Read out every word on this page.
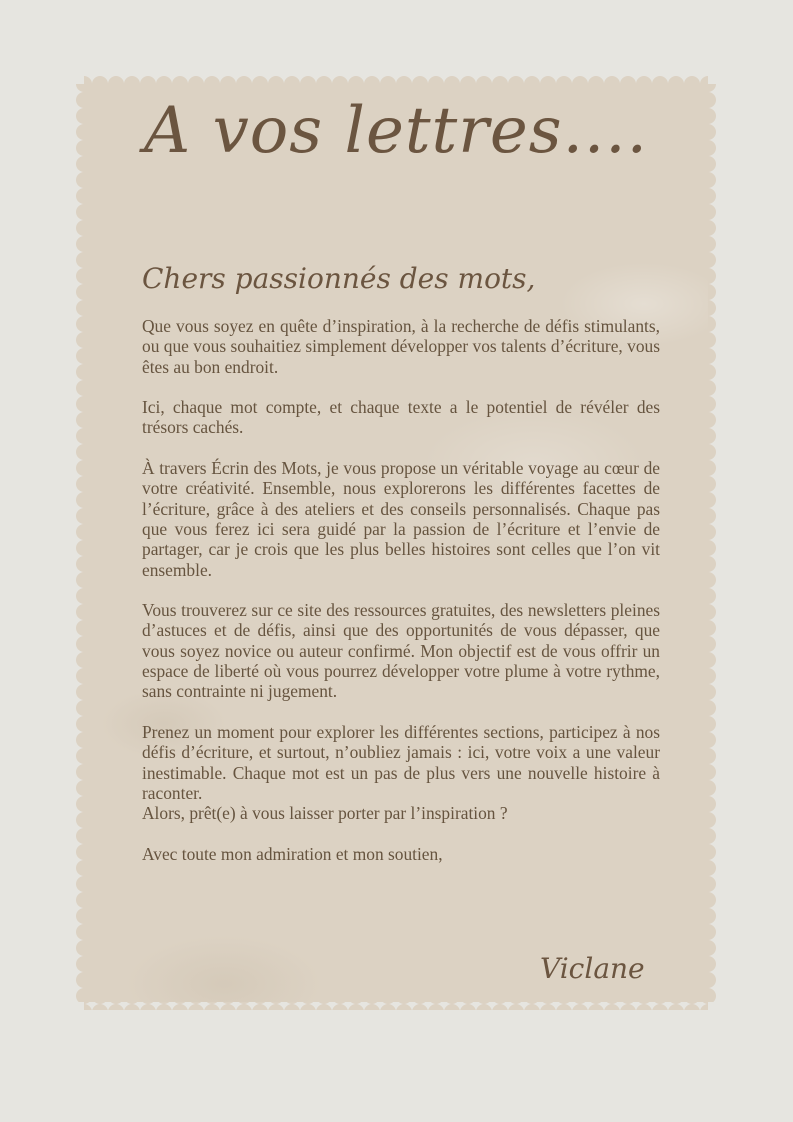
A vos lettres....
Chers passionnés des mots,

Que vous soyez en quête d’inspiration, à la recherche de défis stimulants, ou que vous souhaitiez simplement développer vos talents d’écriture, vous êtes au bon endroit.

Ici, chaque mot compte, et chaque texte a le potentiel de révéler des trésors cachés.

À travers Écrin des Mots, je vous propose un véritable voyage au cœur de votre créativité. Ensemble, nous explorerons les différentes facettes de l’écriture, grâce à des ateliers et des conseils personnalisés. Chaque pas que vous ferez ici sera guidé par la passion de l’écriture et l’envie de partager, car je crois que les plus belles histoires sont celles que l’on vit ensemble.

Vous trouverez sur ce site des ressources gratuites, des newsletters pleines d’astuces et de défis, ainsi que des opportunités de vous dépasser, que vous soyez novice ou auteur confirmé. Mon objectif est de vous offrir un espace de liberté où vous pourrez développer votre plume à votre rythme, sans contrainte ni jugement.

Prenez un moment pour explorer les différentes sections, participez à nos défis d’écriture, et surtout, n’oubliez jamais : ici, votre voix a une valeur inestimable. Chaque mot est un pas de plus vers une nouvelle histoire à raconter.

Alors, prêt(e) à vous laisser porter par l’inspiration ?

Avec toute mon admiration et mon soutien,

Viclane
